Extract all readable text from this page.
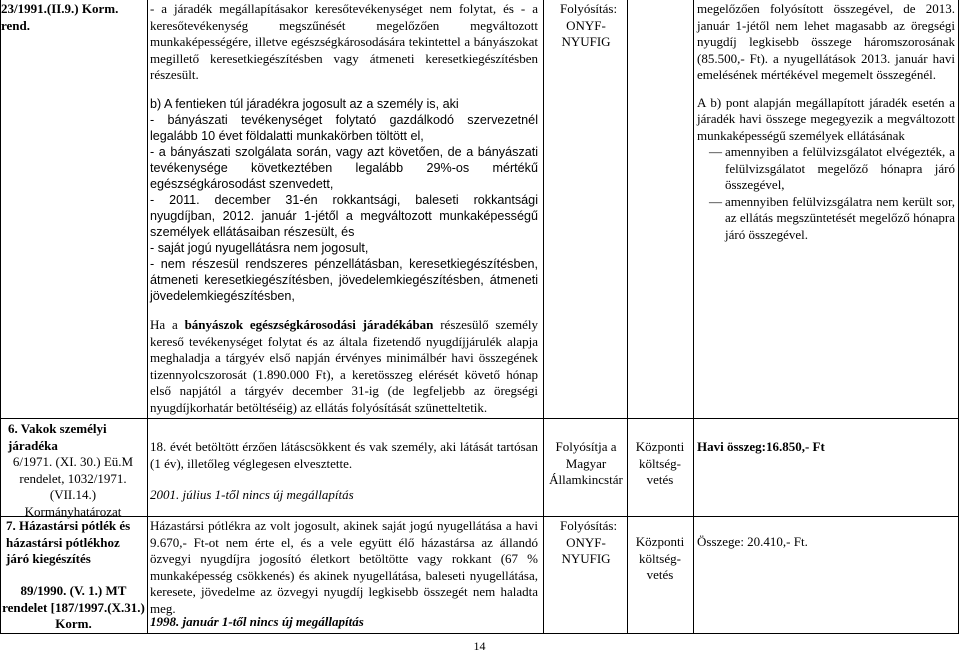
23/1991.(II.9.) Korm. rend.
- a járadék megállapításakor keresőtevékenységet nem folytat, és - a keresőtevékenység megszűnését megelőzően megváltozott munkaképességére, illetve egészségkárosodására tekintettel a bányászokat megillető keresetkiegészítésben vagy átmeneti keresetkiegészítésben részesült.

b) A fentieken túl járadékra jogosult az a személy is, aki

- bányászati tevékenységet folytató gazdálkodó szervezetnél legalább 10 évet földalatti munkakörben töltött el,

- a bányászati szolgálata során, vagy azt követően, de a bányászati tevékenysége következtében legalább 29%-os mértékű egészségkárosodást szenvedett,

- 2011. december 31-én rokkantsági, baleseti rokkantsági nyugdíjban, 2012. január 1-jétől a megváltozott munkaképességű személyek ellátásaiban részesült, és

- saját jogú nyugellátásra nem jogosult,

- nem részesül rendszeres pénzellátásban, keresetkiegészítésben, átmeneti keresetkiegészítésben, jövedelemkiegészítésben, átmeneti jövedelemkiegészítésben,

Ha a bányászok egészségkárosodási járadékában részesülő személy kereső tevékenységet folytat és az általa fizetendő nyugdíjjárulék alapja meghaladja a tárgyév első napján érvényes minimálbér havi összegének tizennyolcszorosát (1.890.000 Ft), a keretösszeg elérését követő hónap első napjától a tárgyév december 31-ig (de legfeljebb az öregségi nyugdíjkorhatár betöltéséig) az ellátás folyósítását szünetteltetik.
Folyósítás: ONYF-NYUFIG

megelőzően folyósított összegével, de 2013. január 1-jétől nem lehet magasabb az öregségi nyugdíj legkisebb összege háromszorosának (85.500,- Ft). a nyugellátások 2013. január havi emelésének mértékével megemelt összegénél.

A b) pont alapján megállapított járadék esetén a járadék havi összege megegyezik a megváltozott munkaképességű személyek ellátásának

— amennyiben a felülvizsgálatot elvégezték, a felülvizsgálatot megelőző hónapra járó összegével,
— amennyiben felülvizsgálatra nem került sor, az ellátás megszüntetését megelőző hónapra járó összegével.
6. Vakok személyi járadéka
6/1971. (XI. 30.) Eü.M rendelet, 1032/1971. (VII.14.) Kormányhatározat
18. évét betöltött érzően látáscsökkent és vak személy, aki látását tartósan (1 év), illetőleg véglegesen elvesztette.
2001. július 1-től nincs új megállapítás
Folyósítja a Magyar Államkincstár
Központi költség-vetés
Havi összeg:16.850,- Ft
7. Házastársi pótlék és házastársi pótlékhoz járó kiegészítés
89/1990. (V. 1.) MT rendelet [187/1997.(X.31.) Korm.
Házastársi pótlékra az volt jogosult, akinek saját jogú nyugellátása a havi 9.670,- Ft-ot nem érte el, és a vele együtt élő házastársa az állandó özvegyi nyugdíjra jogosító életkort betöltötte vagy rokkant (67 % munkaképesség csökkenés) és akinek nyugellátása, baleseti nyugellátása, keresete, jövedelme az özvegyi nyugdíj legkisebb összegét nem haladta meg.
1998. január 1-től nincs új megállapítás
Folyósítás: ONYF-NYUFIG
Központi költség-vetés
Összege: 20.410,- Ft.
14
